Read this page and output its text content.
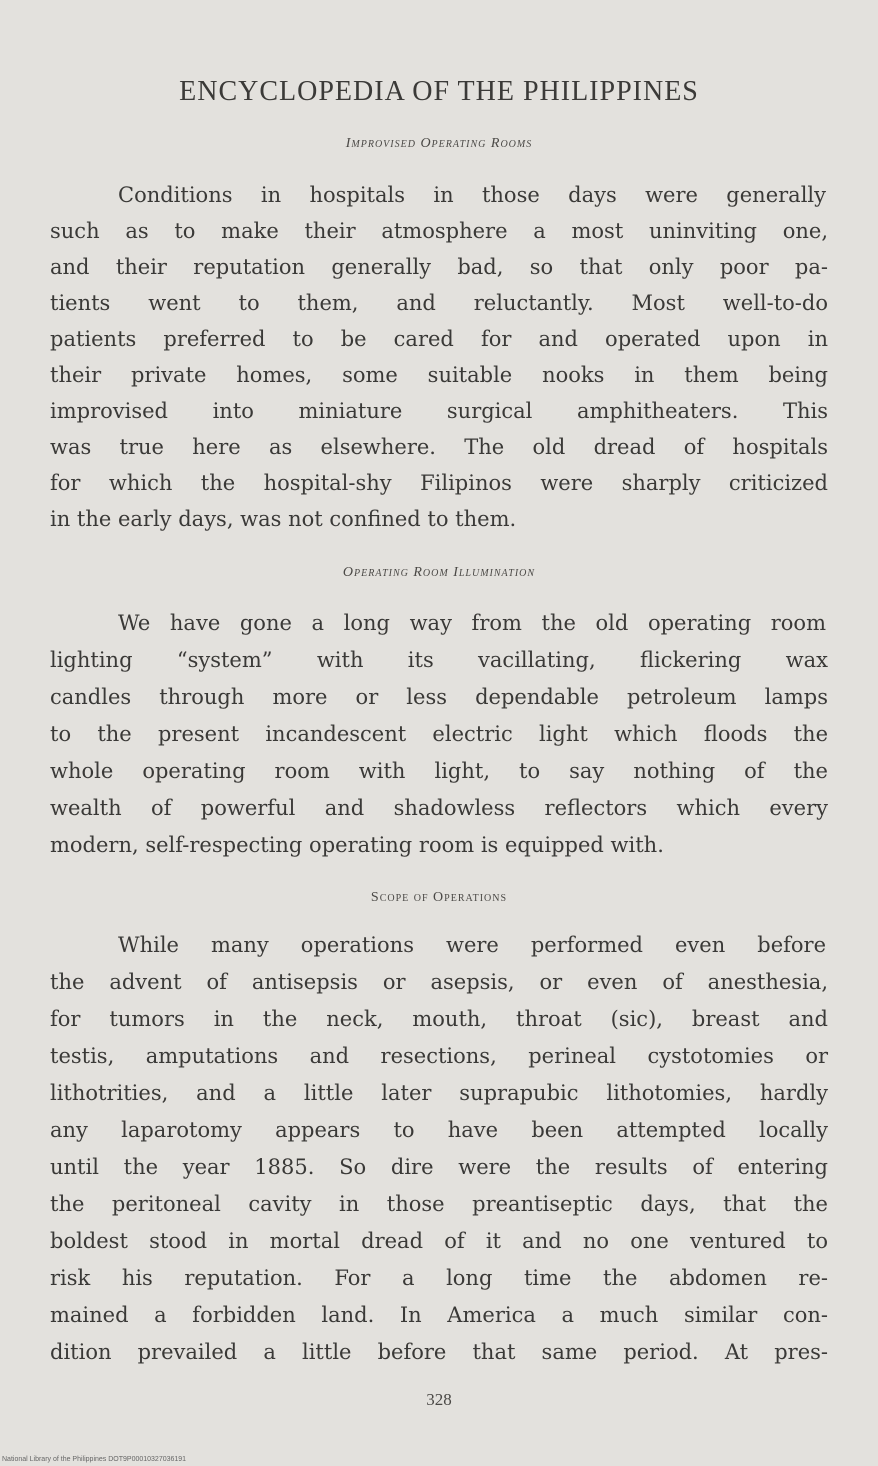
ENCYCLOPEDIA OF THE PHILIPPINES
Improvised Operating Rooms
Conditions in hospitals in those days were generally
such as to make their atmosphere a most uninviting one,
and their reputation generally bad, so that only poor pa-
tients went to them, and reluctantly. Most well-to-do
patients preferred to be cared for and operated upon in
their private homes, some suitable nooks in them being
improvised into miniature surgical amphitheaters. This
was true here as elsewhere. The old dread of hospitals
for which the hospital-shy Filipinos were sharply criticized
in the early days, was not confined to them.
Operating Room Illumination
We have gone a long way from the old operating room
lighting “system” with its vacillating, flickering wax
candles through more or less dependable petroleum lamps
to the present incandescent electric light which floods the
whole operating room with light, to say nothing of the
wealth of powerful and shadowless reflectors which every
modern, self-respecting operating room is equipped with.
Scope of Operations
While many operations were performed even before
the advent of antisepsis or asepsis, or even of anesthesia,
for tumors in the neck, mouth, throat (sic), breast and
testis, amputations and resections, perineal cystotomies or
lithotrities, and a little later suprapubic lithotomies, hardly
any laparotomy appears to have been attempted locally
until the year 1885. So dire were the results of entering
the peritoneal cavity in those preantiseptic days, that the
boldest stood in mortal dread of it and no one ventured to
risk his reputation. For a long time the abdomen re-
mained a forbidden land. In America a much similar con-
dition prevailed a little before that same period. At pres-
328
National Library of the Philippines DOT9P00010327036191
